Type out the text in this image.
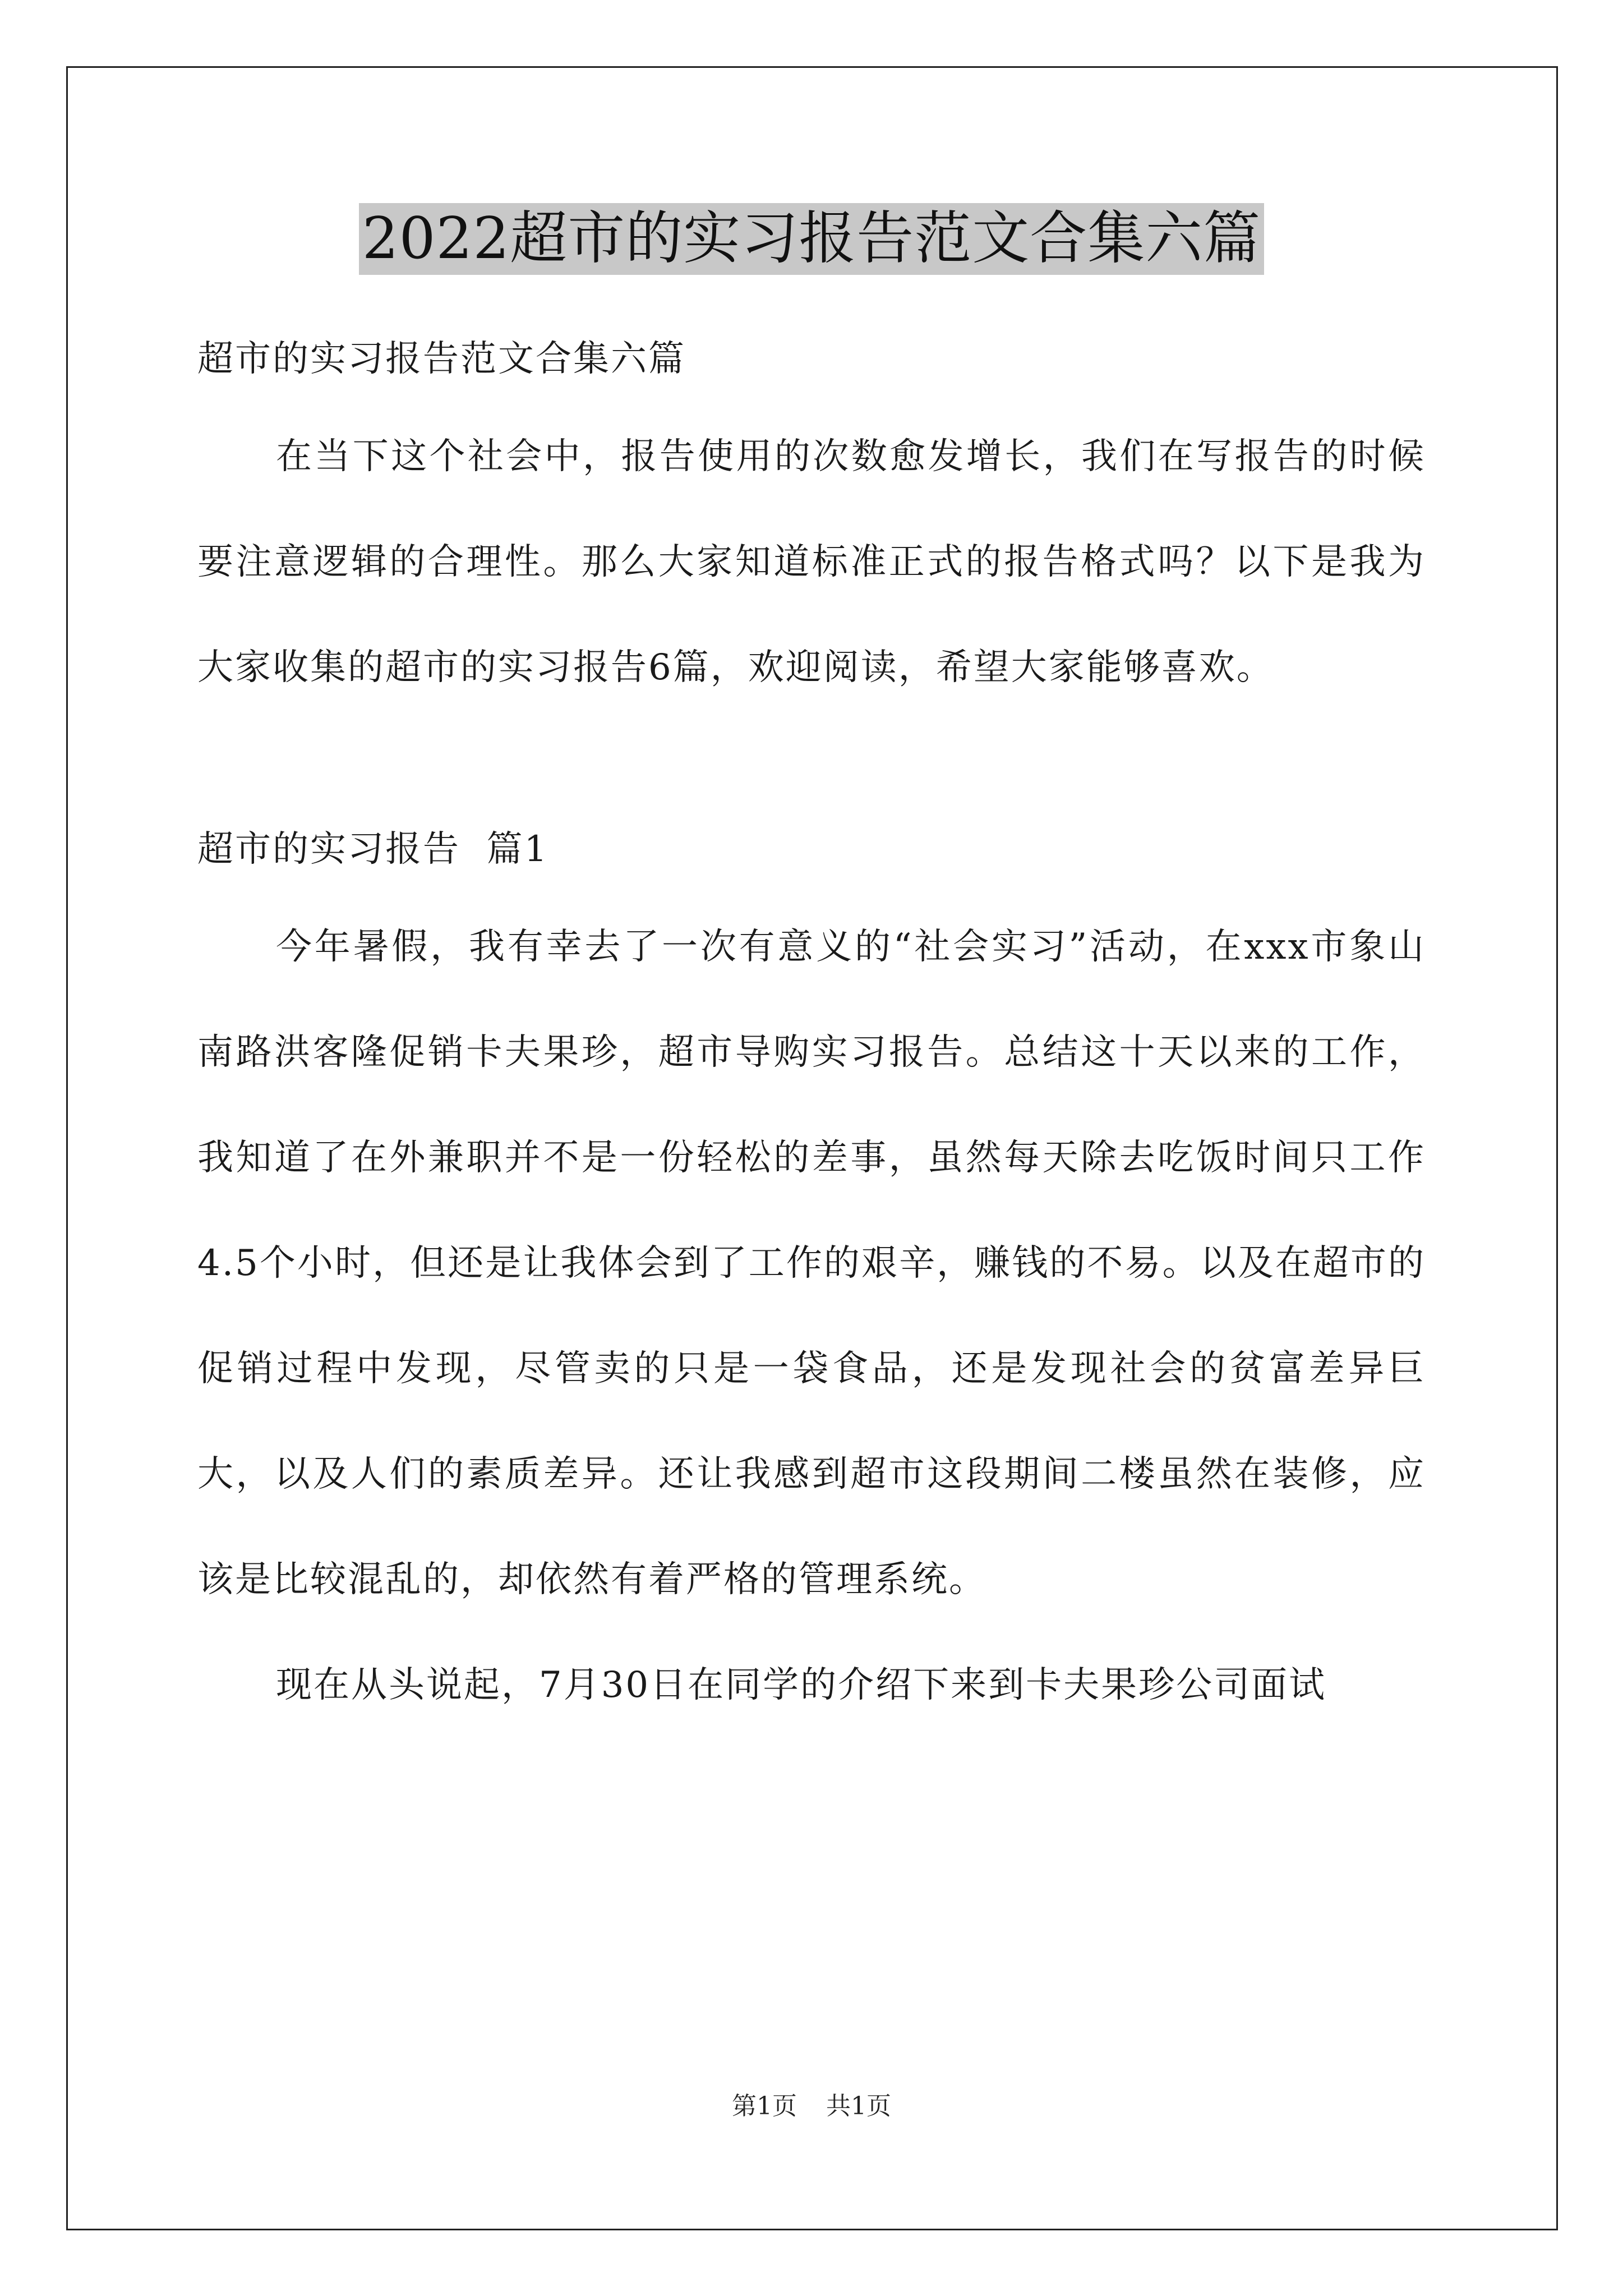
2022超市的实习报告范文合集六篇

超市的实习报告范文合集六篇

在当下这个社会中，报告使用的次数愈发增长，我们在写报告的时候要注意逻辑的合理性。那么大家知道标准正式的报告格式吗？以下是我为大家收集的超市的实习报告6篇，欢迎阅读，希望大家能够喜欢。

超市的实习报告  篇1

今年暑假，我有幸去了一次有意义的“社会实习”活动，在xxx市象山南路洪客隆促销卡夫果珍，超市导购实习报告。总结这十天以来的工作，我知道了在外兼职并不是一份轻松的差事，虽然每天除去吃饭时间只工作4.5个小时，但还是让我体会到了工作的艰辛，赚钱的不易。以及在超市的促销过程中发现，尽管卖的只是一袋食品，还是发现社会的贫富差异巨大，以及人们的素质差异。还让我感到超市这段期间二楼虽然在装修，应该是比较混乱的，却依然有着严格的管理系统。

现在从头说起，7月30日在同学的介绍下来到卡夫果珍公司面试

第1页 共1页
